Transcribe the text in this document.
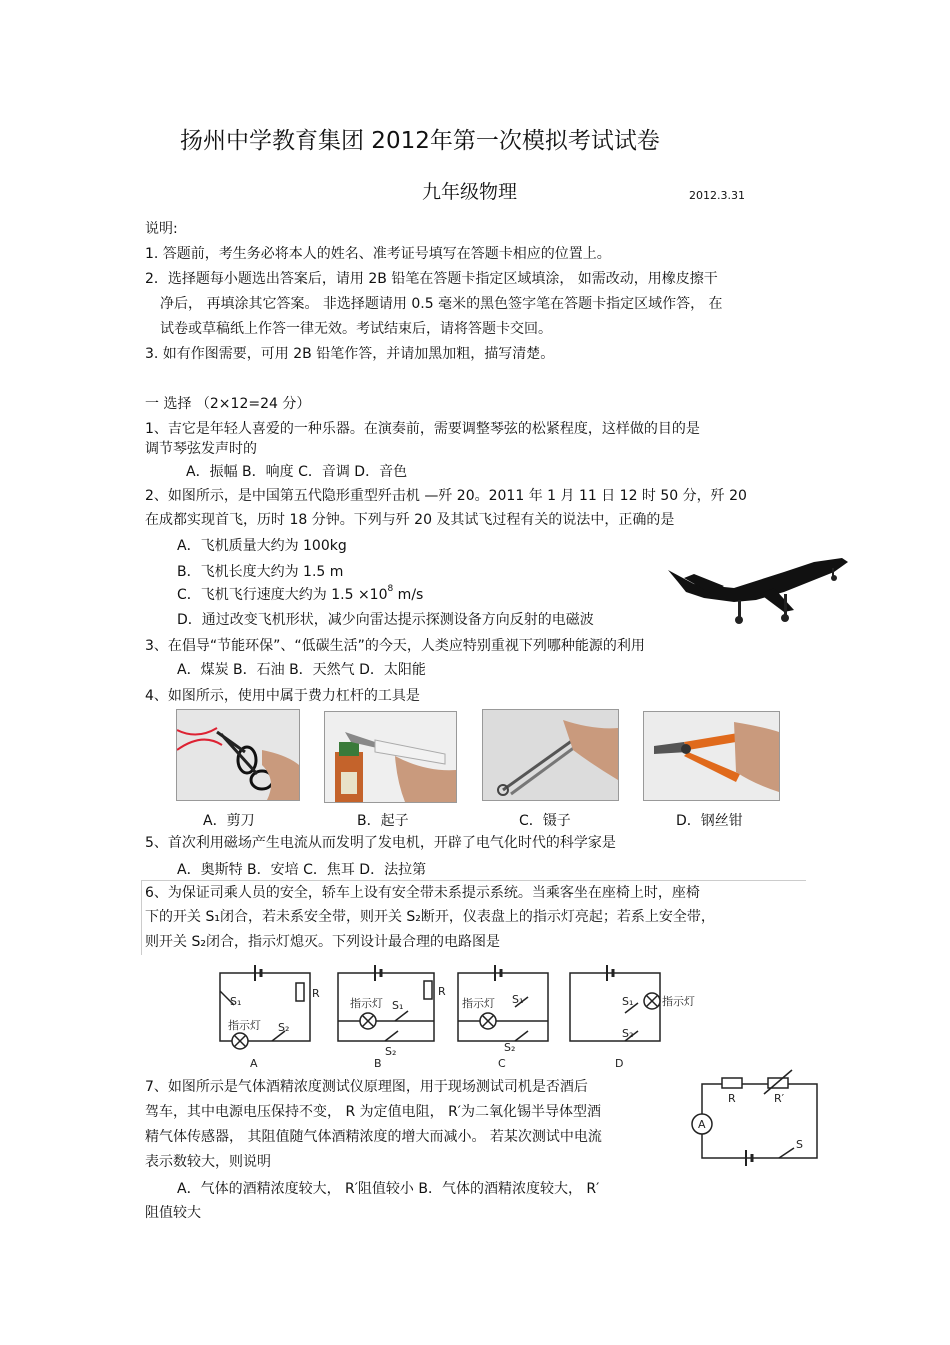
扬州中学教育集团 2012年第一次模拟考试试卷
九年级物理	2012.3.31
说明:
1. 答题前，考生务必将本人的姓名、准考证号填写在答题卡相应的位置上。
2．选择题每小题选出答案后，请用 2B 铅笔在答题卡指定区域填涂， 如需改动，用橡皮擦干
净后， 再填涂其它答案。 非选择题请用 0.5 毫米的黑色签字笔在答题卡指定区域作答， 在
试卷或草稿纸上作答一律无效。考试结束后，请将答题卡交回。
3. 如有作图需要，可用 2B 铅笔作答，并请加黑加粗，描写清楚。
一 选择 （2×12=24 分）
1、吉它是年轻人喜爱的一种乐器。在演奏前，需要调整琴弦的松紧程度，这样做的目的是
调节琴弦发声时的
A．振幅 B．响度 C．音调 D．音色
2、如图所示，是中国第五代隐形重型歼击机 —歼 20。2011 年 1 月 11 日 12 时 50 分，歼 20
在成都实现首飞，历时 18 分钟。下列与歼 20 及其试飞过程有关的说法中，正确的是
A．飞机质量大约为 100kg
B．飞机长度大约为 1.5 m
C．飞机飞行速度大约为 $1.5 \times 10^8$ m/s
D．通过改变飞机形状，减少向雷达提示探测设备方向反射的电磁波
3、在倡导“节能环保”、“低碳生活”的今天，人类应特别重视下列哪种能源的利用
A．煤炭 B．石油 B．天然气 D．太阳能
4、如图所示，使用中属于费力杠杆的工具是
A．剪刀	B．起子	C．镊子	D．钢丝钳
5、首次利用磁场产生电流从而发明了发电机，开辟了电气化时代的科学家是
A．奥斯特 B．安培 C．焦耳 D．法拉第
6、为保证司乘人员的安全，轿车上设有安全带未系提示系统。当乘客坐在座椅上时，座椅
下的开关 S₁闭合，若未系安全带，则开关 S₂断开，仪表盘上的指示灯亮起；若系上安全带，
则开关 S₂闭合，指示灯熄灭。下列设计最合理的电路图是
S₁
R
指示灯 S₂
R
指示灯 S₁
S₂
指示灯 S₁
S₂
S₁	指示灯
S₂
A	B	C	D
7、如图所示是气体酒精浓度测试仪原理图，用于现场测试司机是否酒后
驾车，其中电源电压保持不变， R 为定值电阻， R′为二氧化锡半导体型酒
精气体传感器， 其阻值随气体酒精浓度的增大而减小。 若某次测试中电流
表示数较大，则说明
A．气体的酒精浓度较大， R′阻值较小 B．气体的酒精浓度较大， R′
阻值较大
R	R′
A
S
